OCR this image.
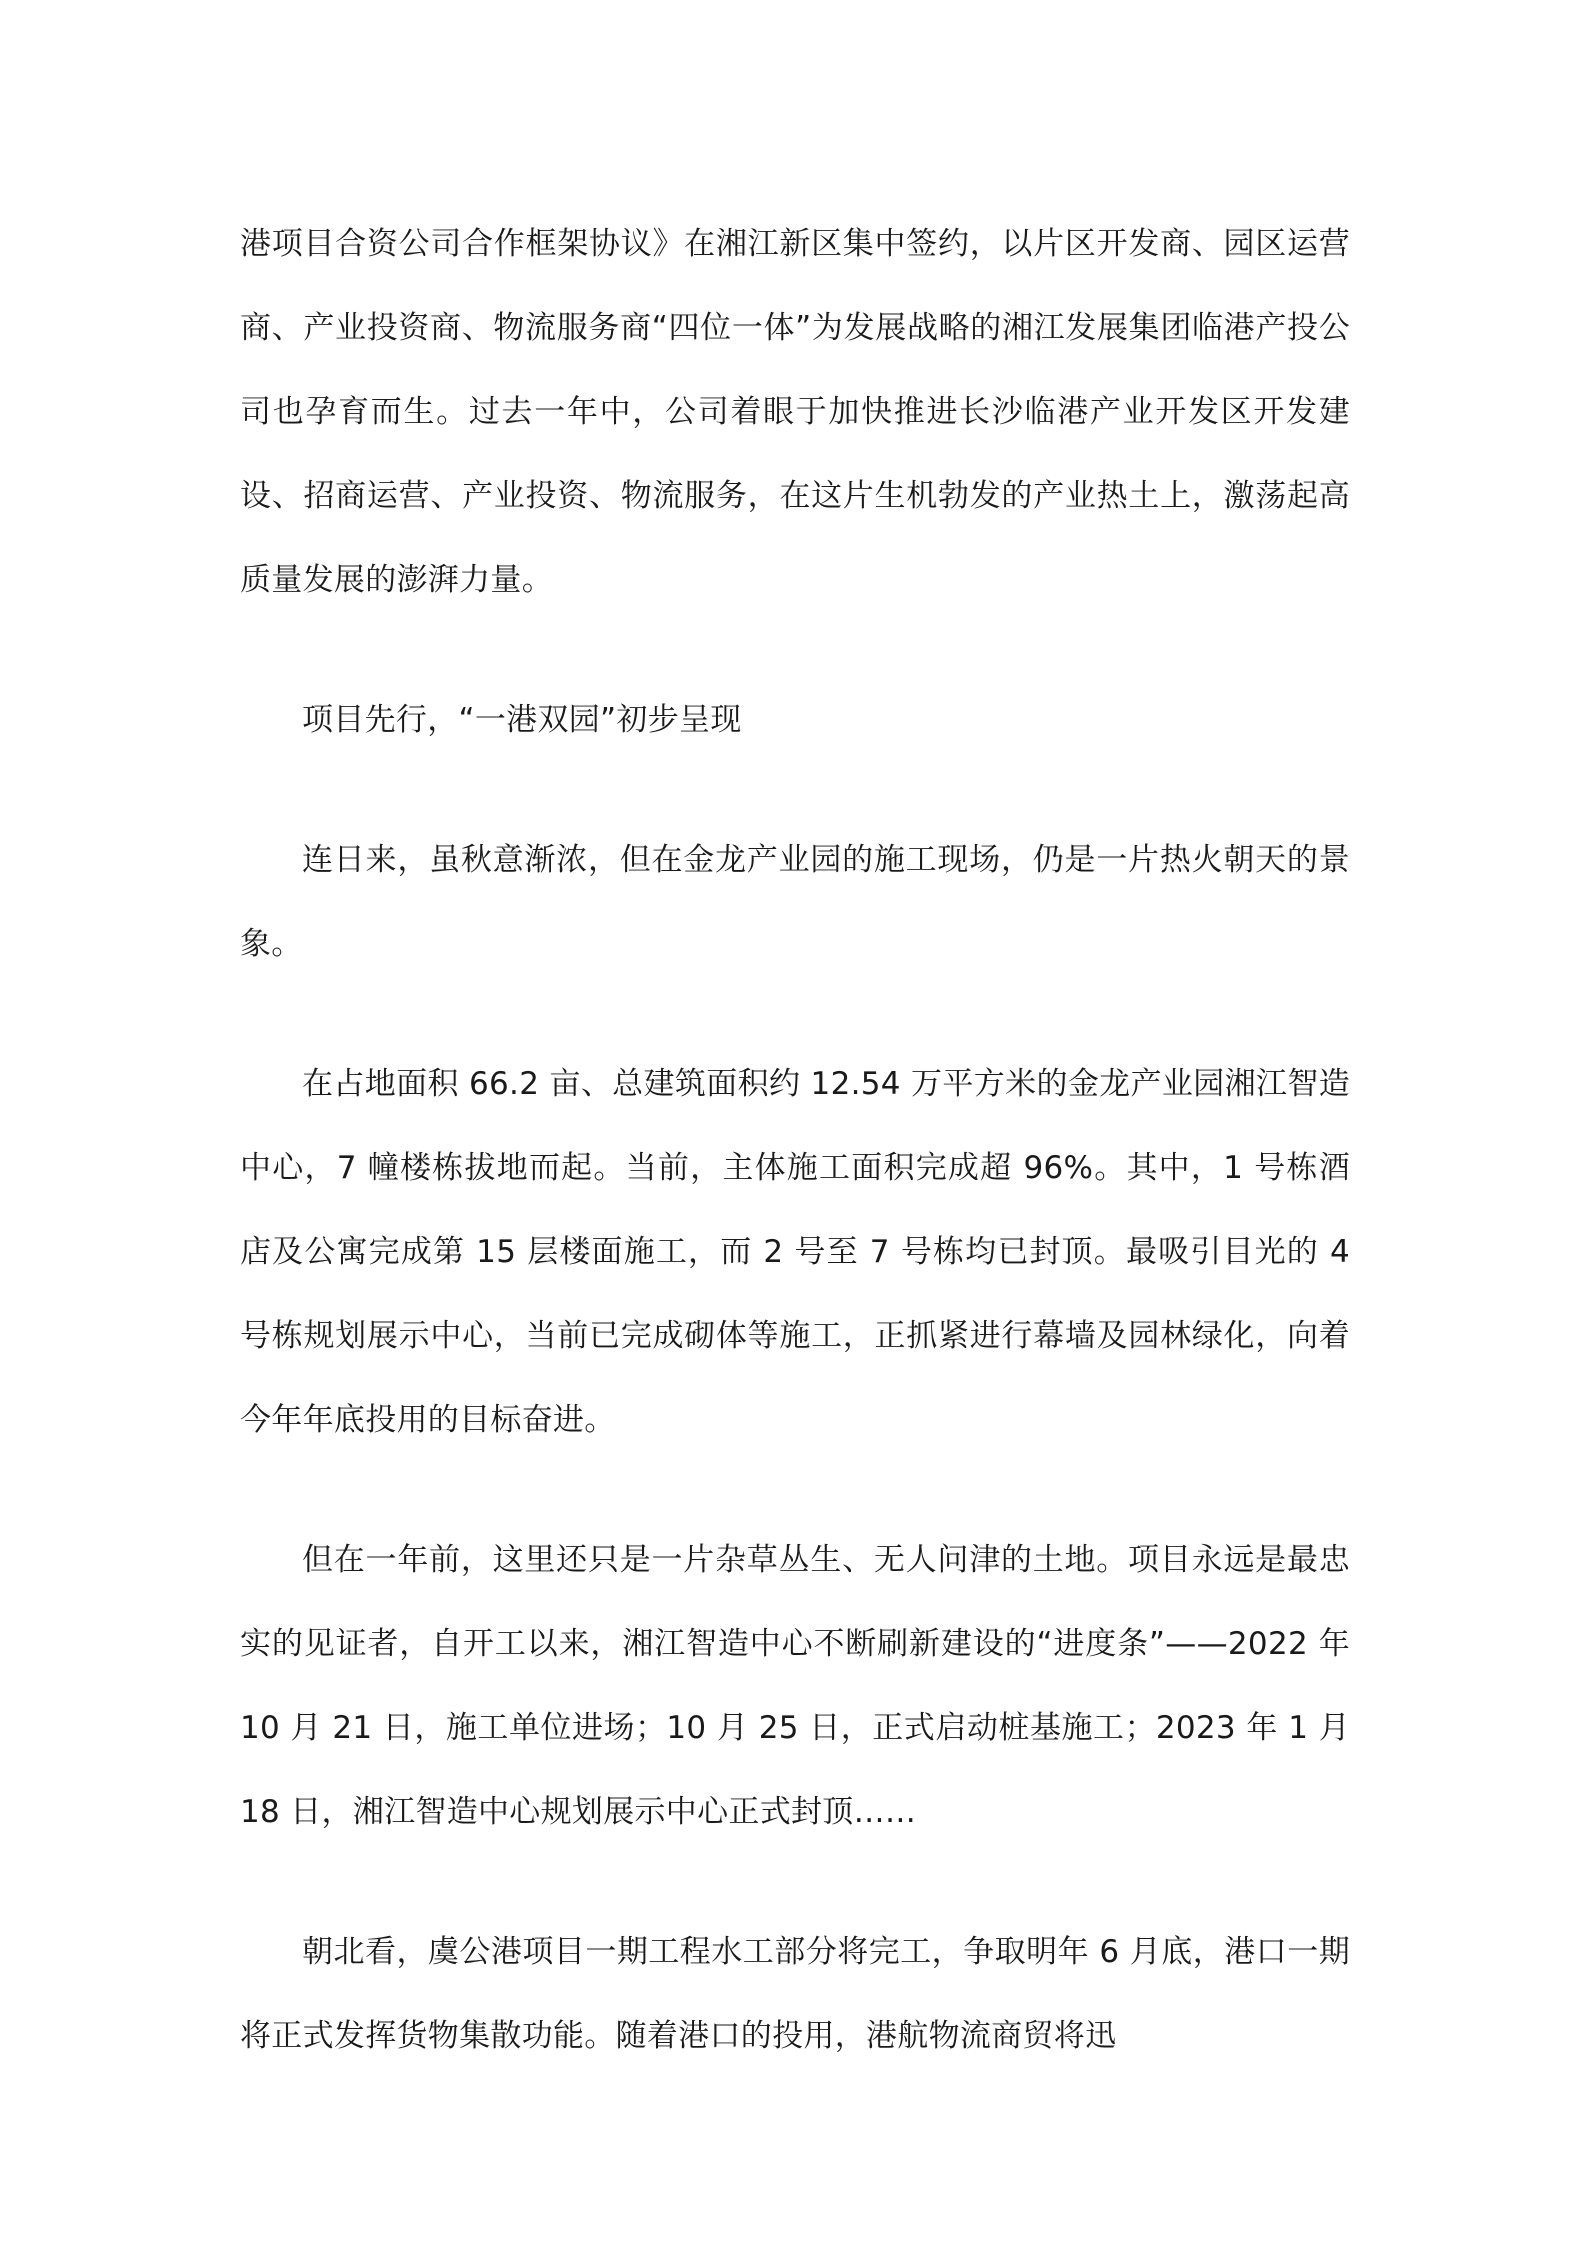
港项目合资公司合作框架协议》在湘江新区集中签约，以片区开发商、园区运营商、产业投资商、物流服务商“四位一体”为发展战略的湘江发展集团临港产投公司也孕育而生。过去一年中，公司着眼于加快推进长沙临港产业开发区开发建设、招商运营、产业投资、物流服务，在这片生机勃发的产业热土上，激荡起高质量发展的澎湃力量。

项目先行，“一港双园”初步呈现

连日来，虽秋意渐浓，但在金龙产业园的施工现场，仍是一片热火朝天的景象。

在占地面积 66.2 亩、总建筑面积约 12.54 万平方米的金龙产业园湘江智造中心，7 幢楼栋拔地而起。当前，主体施工面积完成超 96%。其中，1 号栋酒店及公寓完成第 15 层楼面施工，而 2 号至 7 号栋均已封顶。最吸引目光的 4 号栋规划展示中心，当前已完成砌体等施工，正抓紧进行幕墙及园林绿化，向着今年年底投用的目标奋进。

但在一年前，这里还只是一片杂草丛生、无人问津的土地。项目永远是最忠实的见证者，自开工以来，湘江智造中心不断刷新建设的“进度条”——2022 年 10 月 21 日，施工单位进场；10 月 25 日，正式启动桩基施工；2023 年 1 月 18 日，湘江智造中心规划展示中心正式封顶……

朝北看，虞公港项目一期工程水工部分将完工，争取明年 6 月底，港口一期将正式发挥货物集散功能。随着港口的投用，港航物流商贸将迅
